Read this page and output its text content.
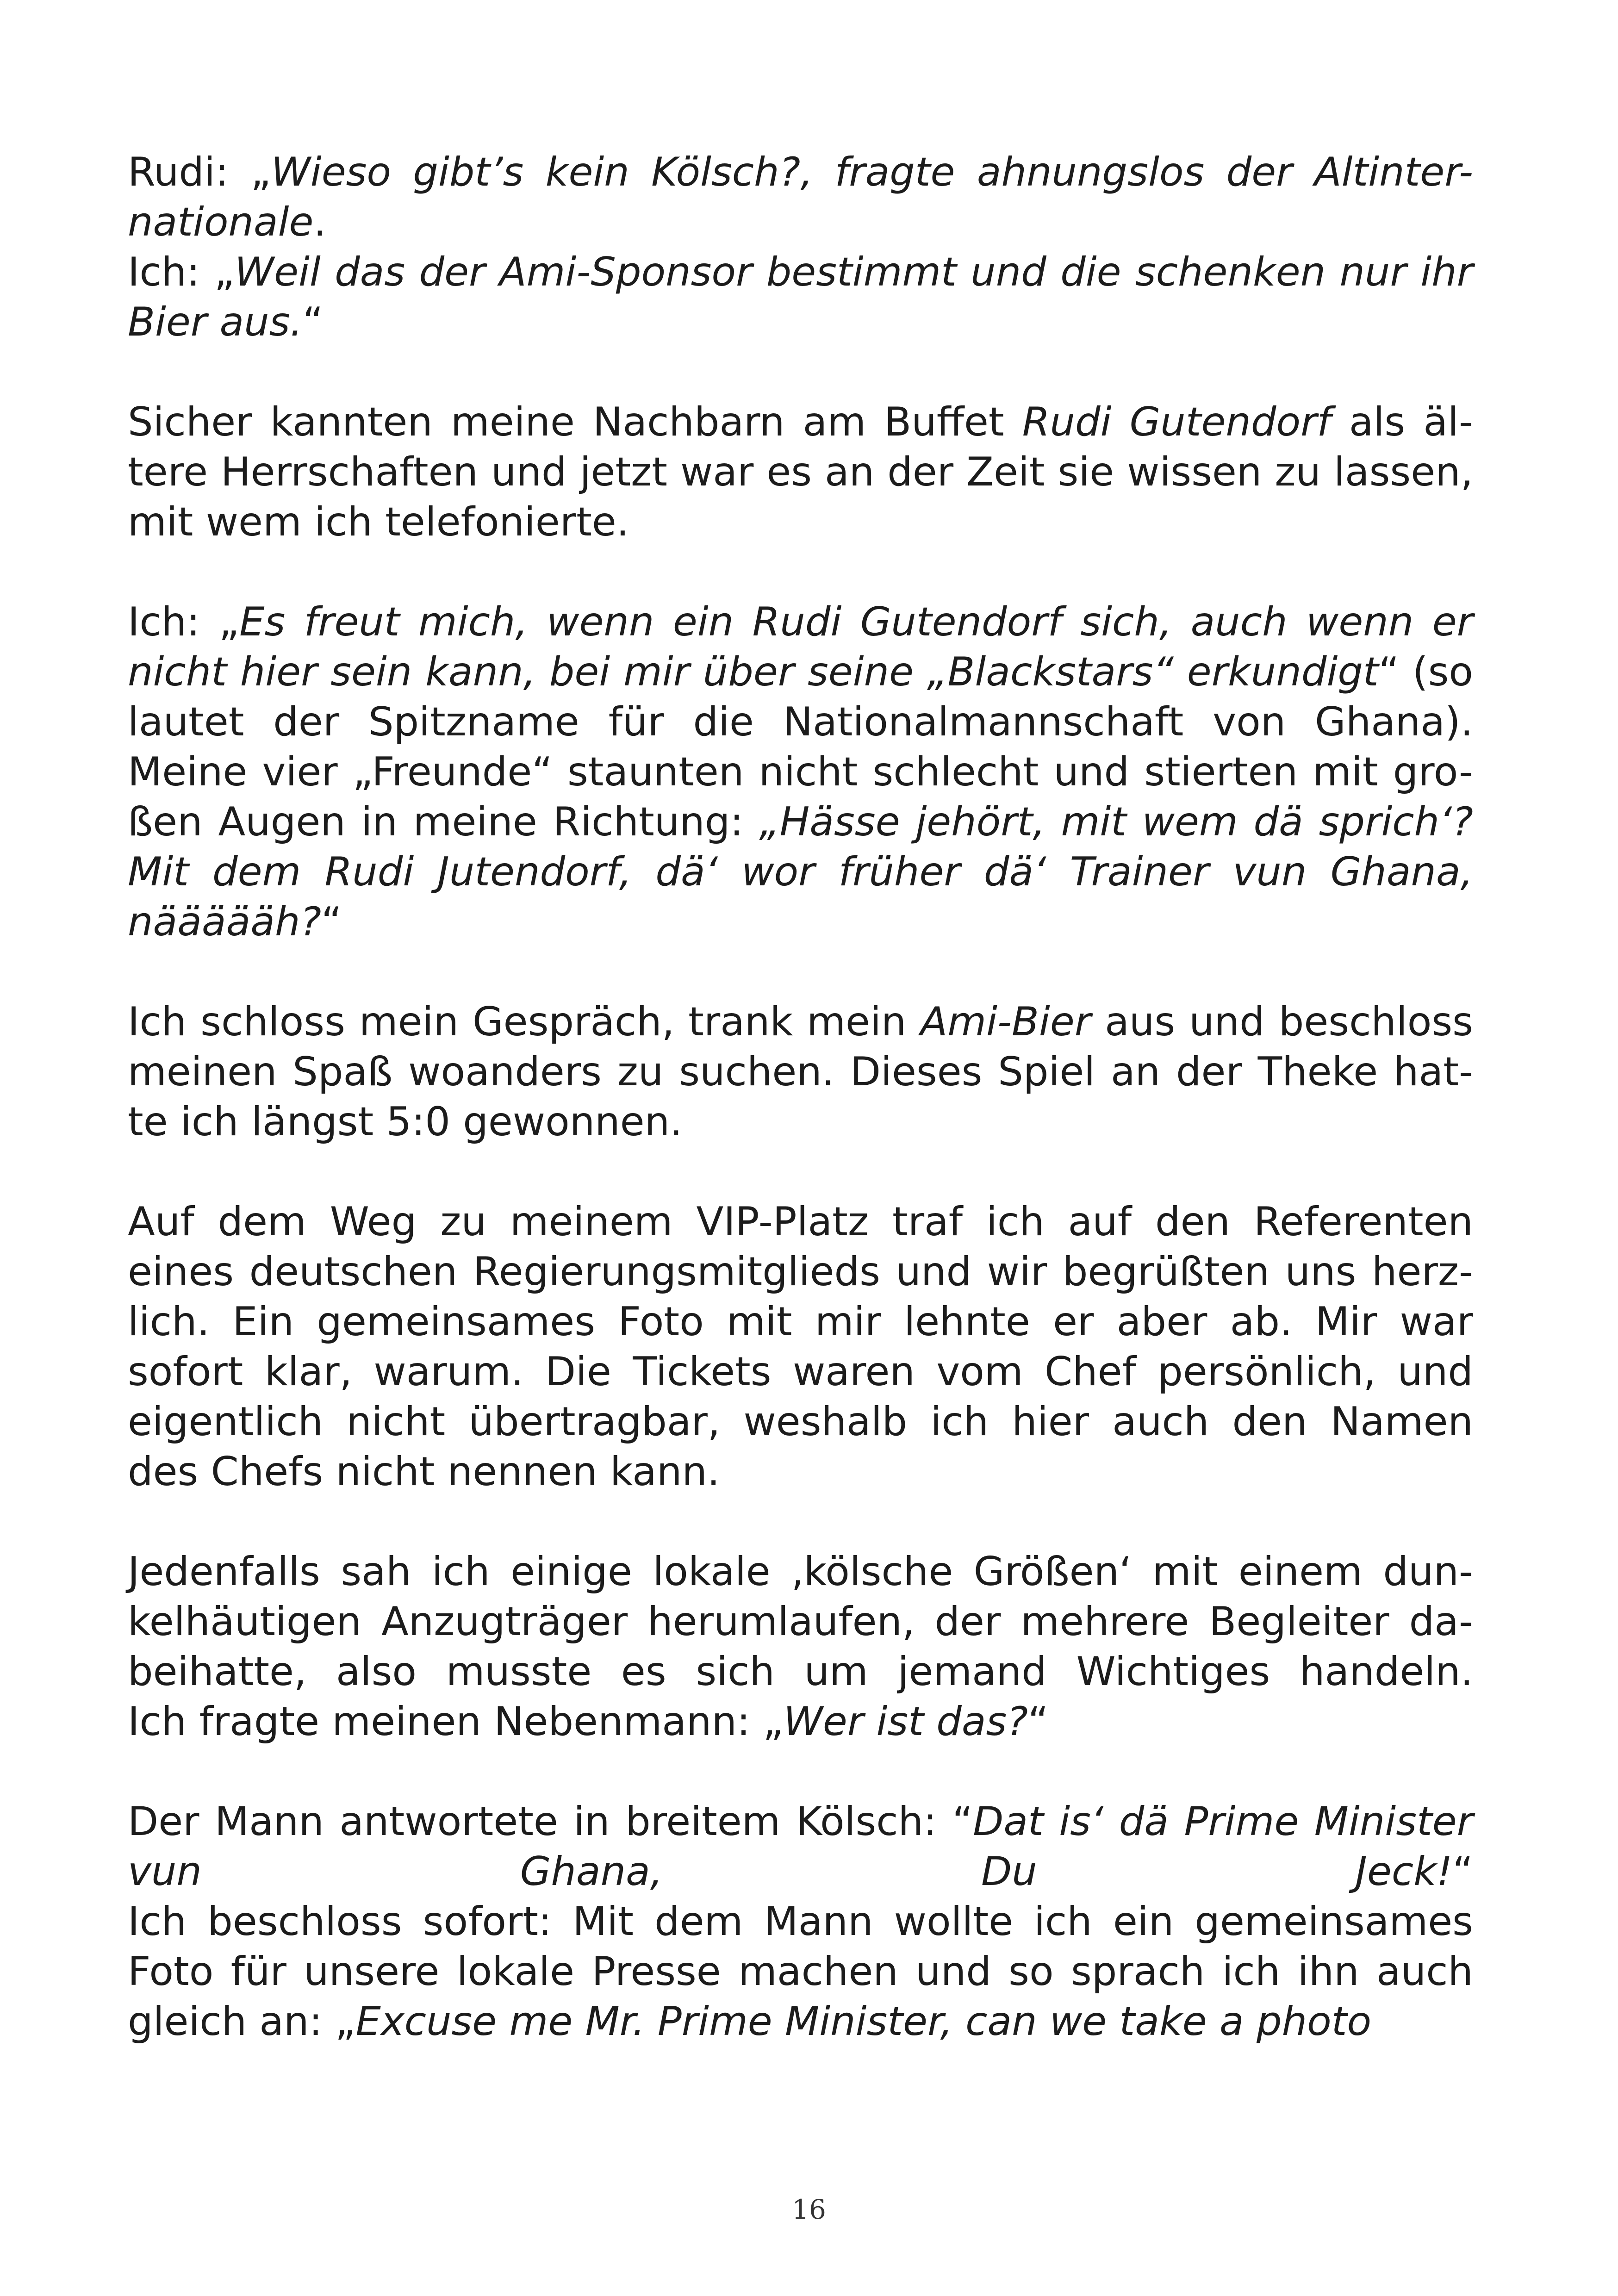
Rudi: „Wieso gibt’s kein Kölsch?, fragte ahnungslos der Altinter-
nationale.
Ich: „Weil das der Ami-Sponsor bestimmt und die schenken nur ihr
Bier aus.“
Sicher kannten meine Nachbarn am Buffet Rudi Gutendorf als äl-
tere Herrschaften und jetzt war es an der Zeit sie wissen zu lassen,
mit wem ich telefonierte.
Ich: „Es freut mich, wenn ein Rudi Gutendorf sich, auch wenn er
nicht hier sein kann, bei mir über seine „Blackstars“ erkundigt“ (so
lautet der Spitzname für die Nationalmannschaft von Ghana).
Meine vier „Freunde“ staunten nicht schlecht und stierten mit gro-
ßen Augen in meine Richtung: „Hässe jehört, mit wem dä sprich‘?
Mit dem Rudi Jutendorf, dä‘ wor früher dä‘ Trainer vun Ghana,
näääääh?“
Ich schloss mein Gespräch, trank mein Ami-Bier aus und beschloss
meinen Spaß woanders zu suchen. Dieses Spiel an der Theke hat-
te ich längst 5:0 gewonnen.
Auf dem Weg zu meinem VIP-Platz traf ich auf den Referenten
eines deutschen Regierungsmitglieds und wir begrüßten uns herz-
lich. Ein gemeinsames Foto mit mir lehnte er aber ab. Mir war
sofort klar, warum. Die Tickets waren vom Chef persönlich, und
eigentlich nicht übertragbar, weshalb ich hier auch den Namen
des Chefs nicht nennen kann.
Jedenfalls sah ich einige lokale ‚kölsche Größen‘ mit einem dun-
kelhäutigen Anzugträger herumlaufen, der mehrere Begleiter da-
beihatte, also musste es sich um jemand Wichtiges handeln.
Ich fragte meinen Nebenmann: „Wer ist das?“
Der Mann antwortete in breitem Kölsch: “Dat is‘ dä Prime Minister
vun Ghana, Du Jeck!“
Ich beschloss sofort: Mit dem Mann wollte ich ein gemeinsames
Foto für unsere lokale Presse machen und so sprach ich ihn auch
gleich an: „Excuse me Mr. Prime Minister, can we take a photo
16
